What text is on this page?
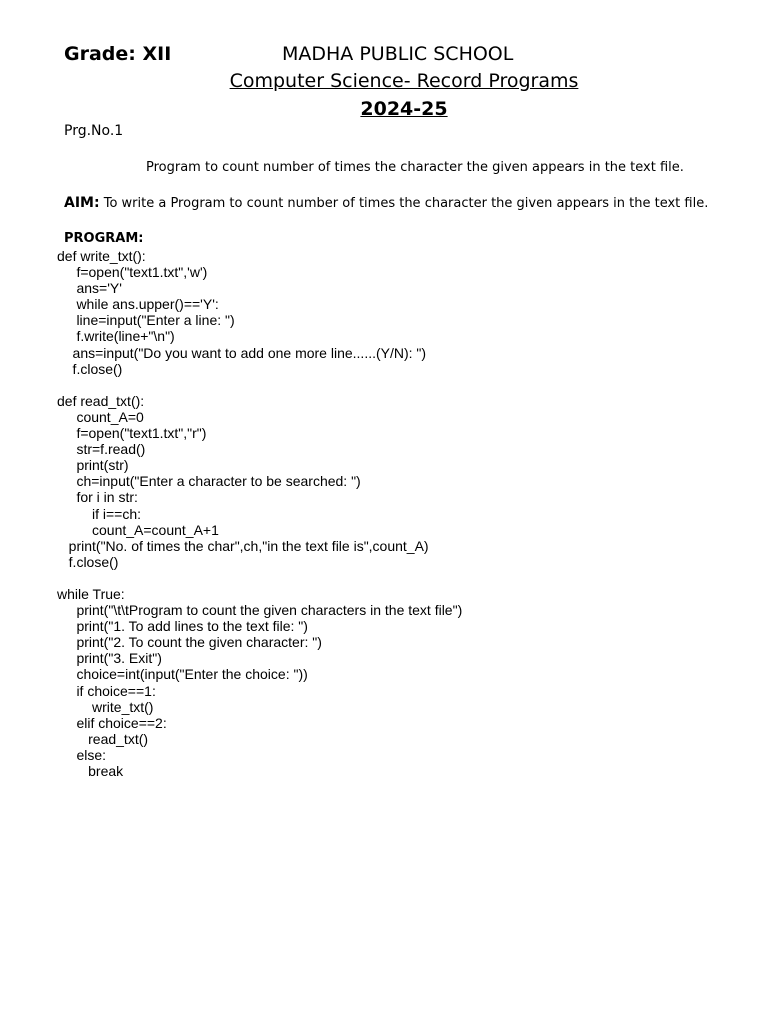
Grade: XII	MADHA PUBLIC SCHOOL
Computer Science- Record Programs
2024-25
Prg.No.1
Program to count number of times the character the given appears in the text file.
AIM: To write a Program to count number of times the character the given appears in the text file.
PROGRAM:
def write_txt():
f=open("text1.txt",'w')
ans='Y'
while ans.upper()=='Y':
line=input("Enter a line: ")
f.write(line+"\n")
ans=input("Do you want to add one more line......(Y/N): ")
f.close()

def read_txt():
count_A=0
f=open("text1.txt","r")
str=f.read()
print(str)
ch=input("Enter a character to be searched: ")
for i in str:
if i==ch:
count_A=count_A+1
print("No. of times the char",ch,"in the text file is",count_A)
f.close()

while True:
print("\t\tProgram to count the given characters in the text file")
print("1. To add lines to the text file: ")
print("2. To count the given character: ")
print("3. Exit")
choice=int(input("Enter the choice: "))
if choice==1:
write_txt()
elif choice==2:
read_txt()
else:
break
